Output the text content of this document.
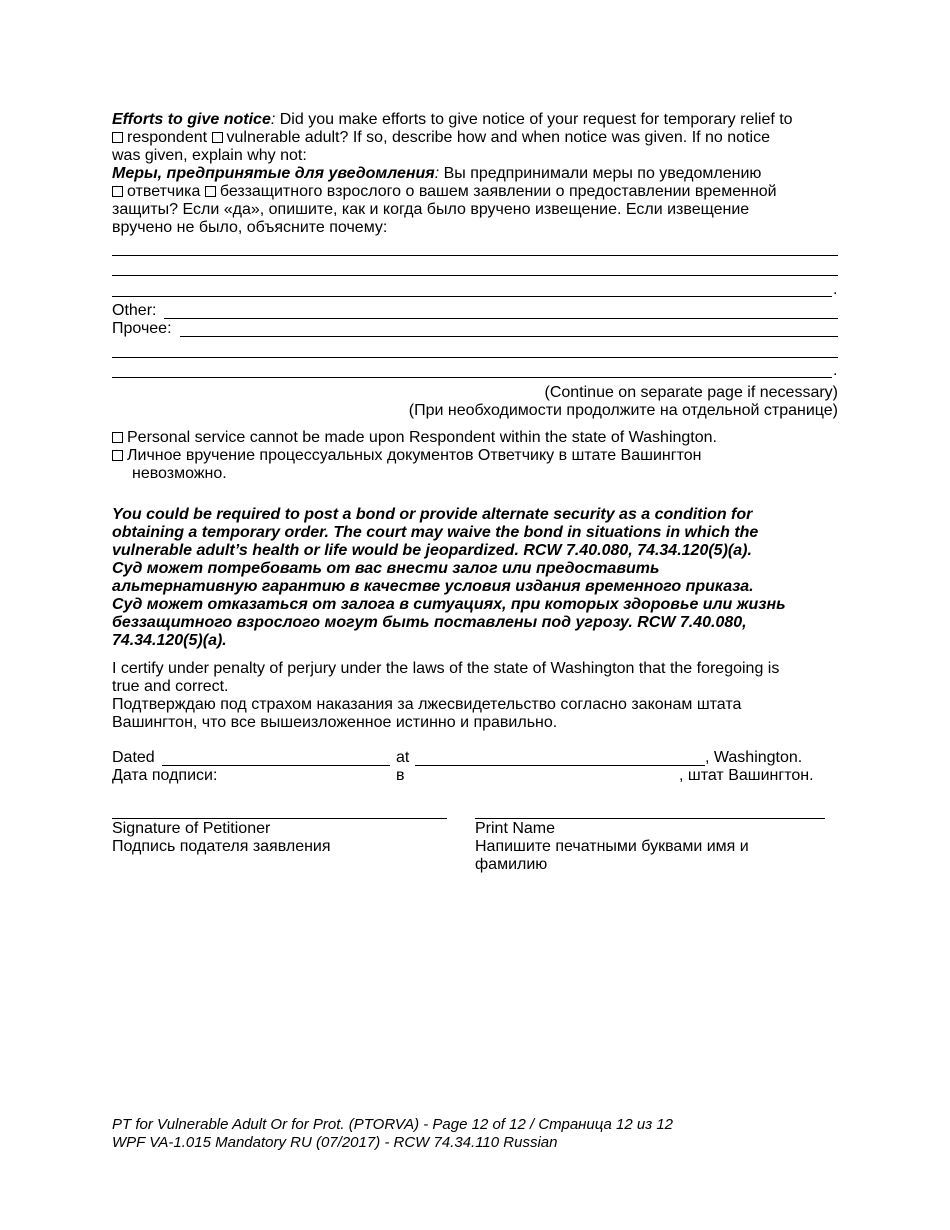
Efforts to give notice: Did you make efforts to give notice of your request for temporary relief to

respondent vulnerable adult? If so, describe how and when notice was given. If no notice

was given, explain why not:

Меры, предпринятые для уведомления: Вы предпринимали меры по уведомлению

ответчика беззащитного взрослого о вашем заявлении о предоставлении временной

защиты? Если «да», опишите, как и когда было вручено извещение. Если извещение

вручено не было, объясните почему:

.
Other:
Прочее:
.
(Continue on separate page if necessary)
(При необходимости продолжите на отдельной странице)

Personal service cannot be made upon Respondent within the state of Washington.

Личное вручение процессуальных документов Ответчику в штате Вашингтон

невозможно.

You could be required to post a bond or provide alternate security as a condition for

obtaining a temporary order. The court may waive the bond in situations in which the

vulnerable adult’s health or life would be jeopardized. RCW 7.40.080, 74.34.120(5)(a).

Суд может потребовать от вас внести залог или предоставить

альтернативную гарантию в качестве условия издания временного приказа.

Суд может отказаться от залога в ситуациях, при которых здоровье или жизнь

беззащитного взрослого могут быть поставлены под угрозу. RCW 7.40.080,

74.34.120(5)(a).

I certify under penalty of perjury under the laws of the state of Washington that the foregoing is

true and correct.

Подтверждаю под страхом наказания за лжесвидетельство согласно законам штата

Вашингтон, что все вышеизложенное истинно и правильно.

Dated	at	, Washington.
Дата подписи:	в	, штат Вашингтон.
Signature of Petitioner
Подпись подателя заявления
Print Name
Напишите печатными буквами имя и
фамилию
PT for Vulnerable Adult Or for Prot. (PTORVA) - Page 12 of 12 / Страница 12 из 12
WPF VA-1.015 Mandatory RU (07/2017) - RCW 74.34.110 Russian
